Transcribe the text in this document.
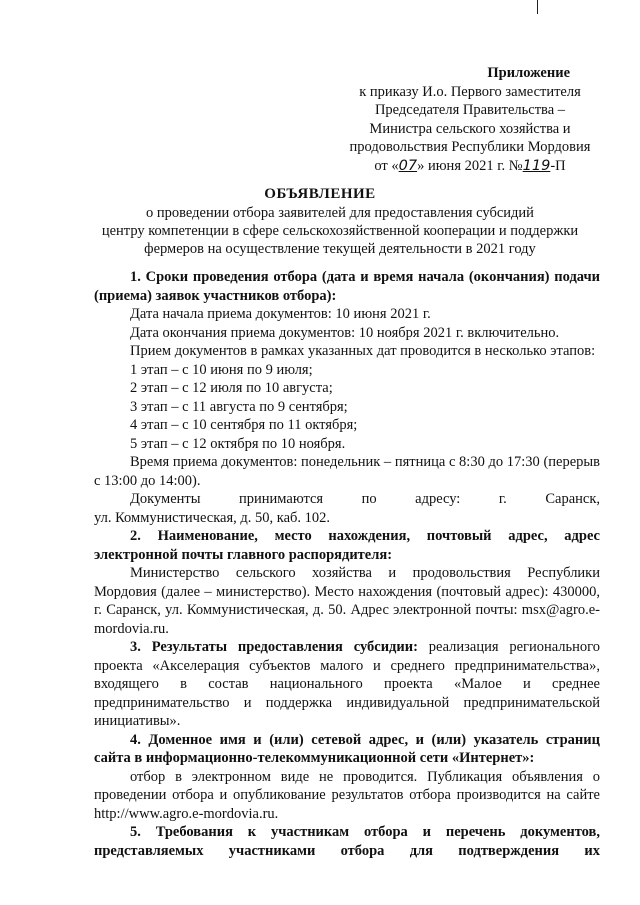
Приложение
к приказу И.о. Первого заместителя
Председателя Правительства –
Министра сельского хозяйства и
продовольствия Республики Мордовия
от «07» июня 2021 г. №119-П
ОБЪЯВЛЕНИЕ
о проведении отбора заявителей для предоставления субсидий
центру компетенции в сфере сельскохозяйственной кооперации и поддержки
фермеров на осуществление текущей деятельности в 2021 году

1. Сроки проведения отбора (дата и время начала (окончания) подачи (приема) заявок участников отбора):

Дата начала приема документов: 10 июня 2021 г.

Дата окончания приема документов: 10 ноября 2021 г. включительно.

Прием документов в рамках указанных дат проводится в несколько этапов:

1 этап – с 10 июня по 9 июля;
2 этап – с 12 июля по 10 августа;
3 этап – с 11 августа по 9 сентября;
4 этап – с 10 сентября по 11 октября;
5 этап – с 12 октября по 10 ноября.

Время приема документов: понедельник – пятница с 8:30 до 17:30 (перерыв с 13:00 до 14:00).

Документы принимаются по адресу: г. Саранск,

ул. Коммунистическая, д. 50, каб. 102.

2. Наименование, место нахождения, почтовый адрес, адрес электронной почты главного распорядителя:

Министерство сельского хозяйства и продовольствия Республики Мордовия (далее – министерство). Место нахождения (почтовый адрес): 430000, г. Саранск, ул. Коммунистическая, д. 50. Адрес электронной почты: msx@agro.e-mordovia.ru.

3. Результаты предоставления субсидии: реализация регионального проекта «Акселерация субъектов малого и среднего предпринимательства», входящего в состав национального проекта «Малое и среднее предпринимательство и поддержка индивидуальной предпринимательской инициативы».

4. Доменное имя и (или) сетевой адрес, и (или) указатель страниц сайта в информационно-телекоммуникационной сети «Интернет»:

отбор в электронном виде не проводится. Публикация объявления о проведении отбора и опубликование результатов отбора производится на сайте http://www.agro.e-mordovia.ru.

5. Требования к участникам отбора и перечень документов, представляемых участниками отбора для подтверждения их
